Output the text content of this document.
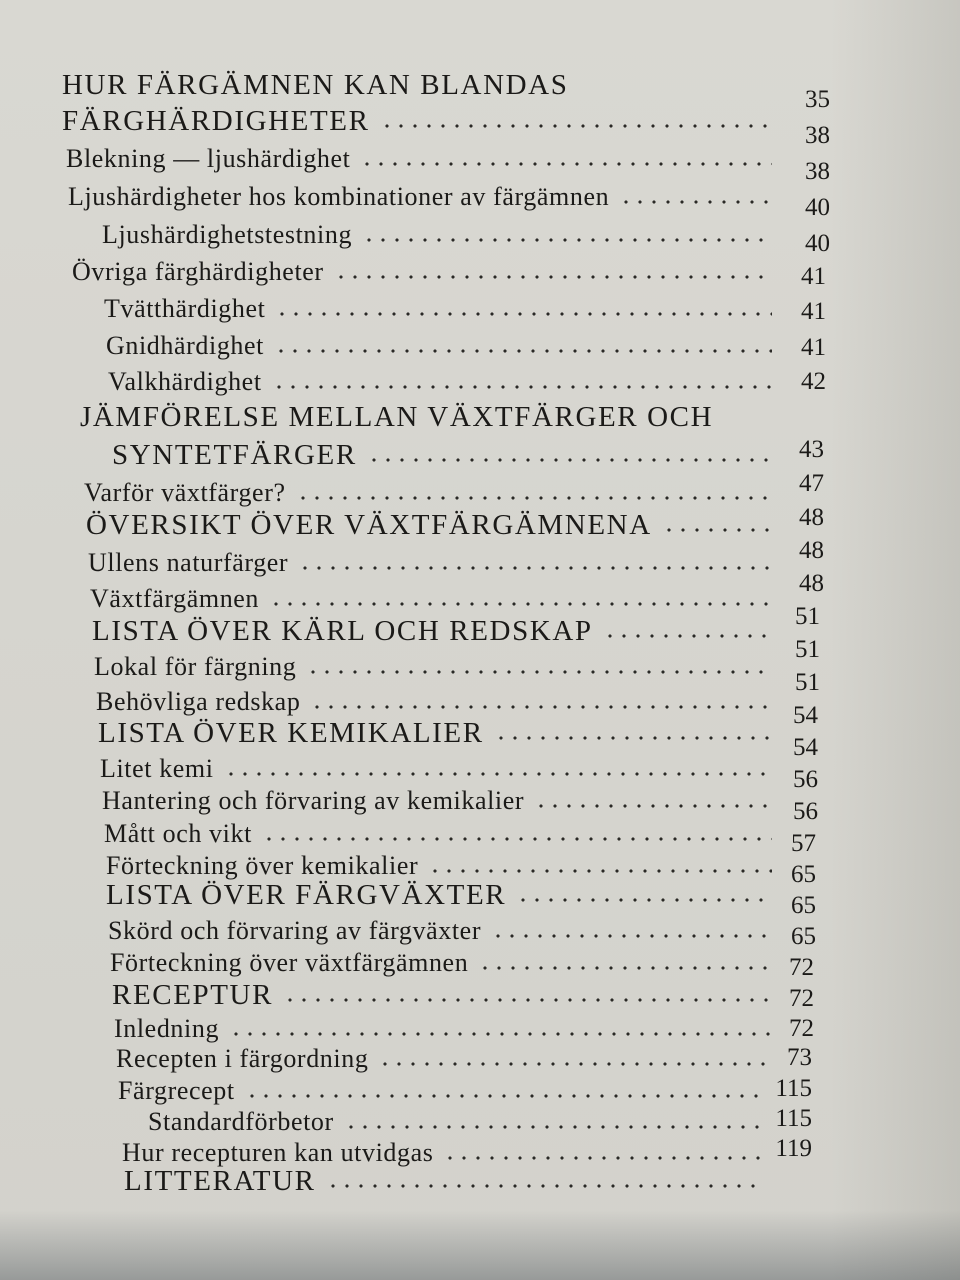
HUR FÄRGÄMNEN KAN BLANDAS
FÄRGHÄRDIGHETER
Blekning — ljushärdighet
Ljushärdigheter hos kombinationer av färgämnen
Ljushärdighetstestning
Övriga färghärdigheter
Tvätthärdighet
Gnidhärdighet
Valkhärdighet
JÄMFÖRELSE MELLAN VÄXTFÄRGER OCH
SYNTETFÄRGER
Varför växtfärger?
ÖVERSIKT ÖVER VÄXTFÄRGÄMNENA
Ullens naturfärger
Växtfärgämnen
LISTA ÖVER KÄRL OCH REDSKAP
Lokal för färgning
Behövliga redskap
LISTA ÖVER KEMIKALIER
Litet kemi
Hantering och förvaring av kemikalier
Mått och vikt
Förteckning över kemikalier
LISTA ÖVER FÄRGVÄXTER
Skörd och förvaring av färgväxter
Förteckning över växtfärgämnen
RECEPTUR
Inledning
Recepten i färgordning
Färgrecept
Standardförbetor
Hur recepturen kan utvidgas
LITTERATUR
35
38
38
40
40
41
41
41
42
43
47
48
48
48
51
51
51
54
54
56
56
57
65
65
65
72
72
72
73
115
115
119
